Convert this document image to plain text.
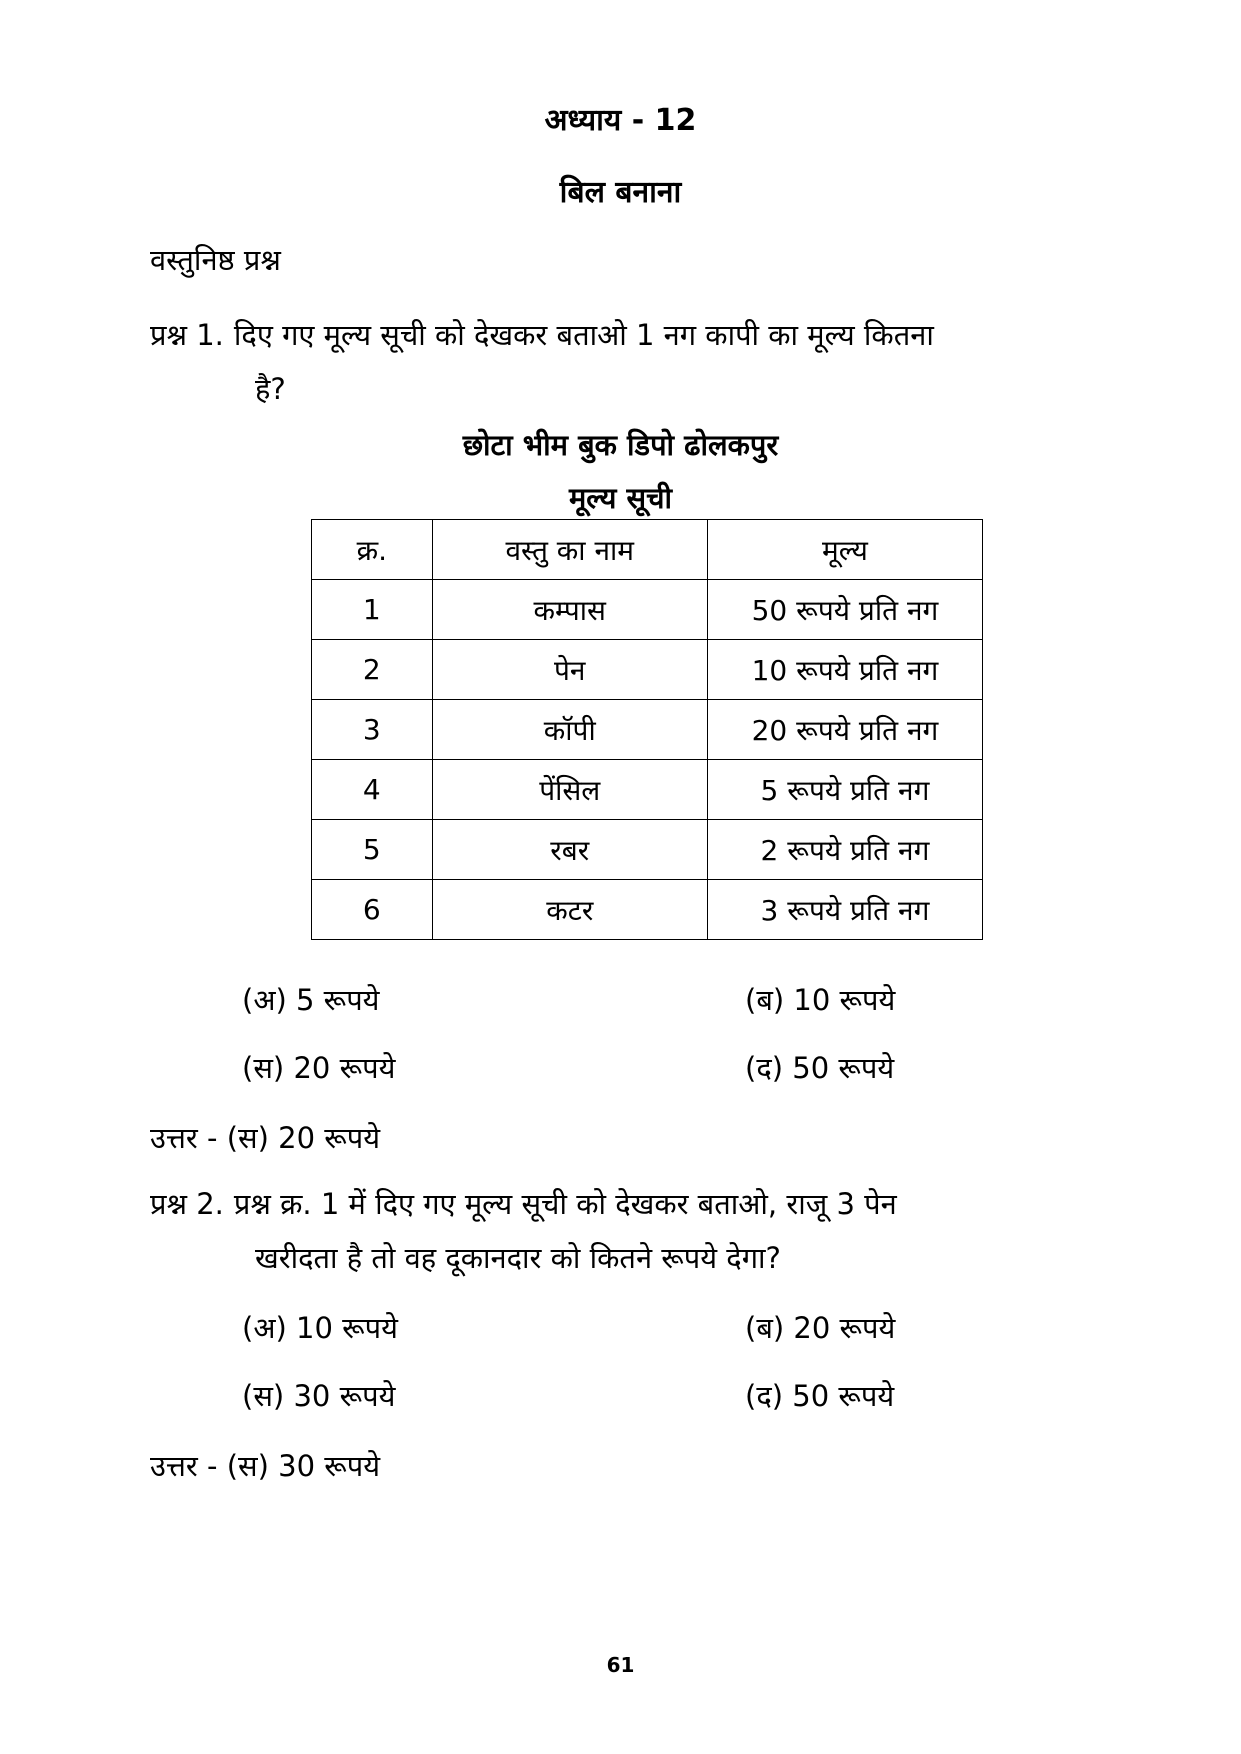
अध्याय - 12
बिल बनाना
वस्तुनिष्ठ प्रश्न
प्रश्न 1. दिए गए मूल्य सूची को देखकर बताओ 1 नग कापी का मूल्य कितना
है?
छोटा भीम बुक डिपो ढोलकपुर
मूल्य सूची
क्र.	वस्तु का नाम	मूल्य
1	कम्पास	50 रूपये प्रति नग
2	पेन	10 रूपये प्रति नग
3	कॉपी	20 रूपये प्रति नग
4	पेंसिल	5 रूपये प्रति नग
5	रबर	2 रूपये प्रति नग
6	कटर	3 रूपये प्रति नग
(अ) 5 रूपये	(ब) 10 रूपये
(स) 20 रूपये	(द) 50 रूपये
उत्तर - (स) 20 रूपये
प्रश्न 2. प्रश्न क्र. 1 में दिए गए मूल्य सूची को देखकर बताओ, राजू 3 पेन
खरीदता है तो वह दूकानदार को कितने रूपये देगा?
(अ) 10 रूपये	(ब) 20 रूपये
(स) 30 रूपये	(द) 50 रूपये
उत्तर - (स) 30 रूपये
61
